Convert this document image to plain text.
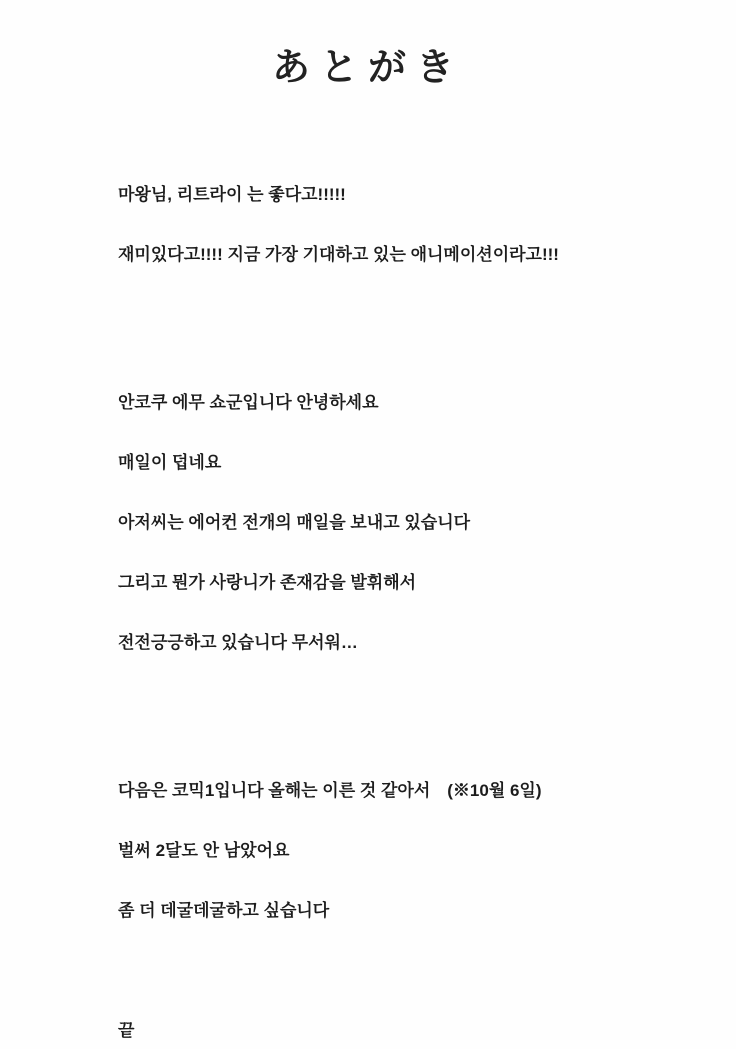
あとがき

마왕님, 리트라이 는 좋다고!!!!!

재미있다고!!!! 지금 가장 기대하고 있는 애니메이션이라고!!!

안코쿠 에무 쇼군입니다 안녕하세요

매일이 덥네요

아저씨는 에어컨 전개의 매일을 보내고 있습니다

그리고 뭔가 사랑니가 존재감을 발휘해서

전전긍긍하고 있습니다 무서워…

다음은 코믹1입니다 올해는 이른 것 같아서　(※10월 6일)

벌써 2달도 안 남았어요

좀 더 데굴데굴하고 싶습니다

끝
